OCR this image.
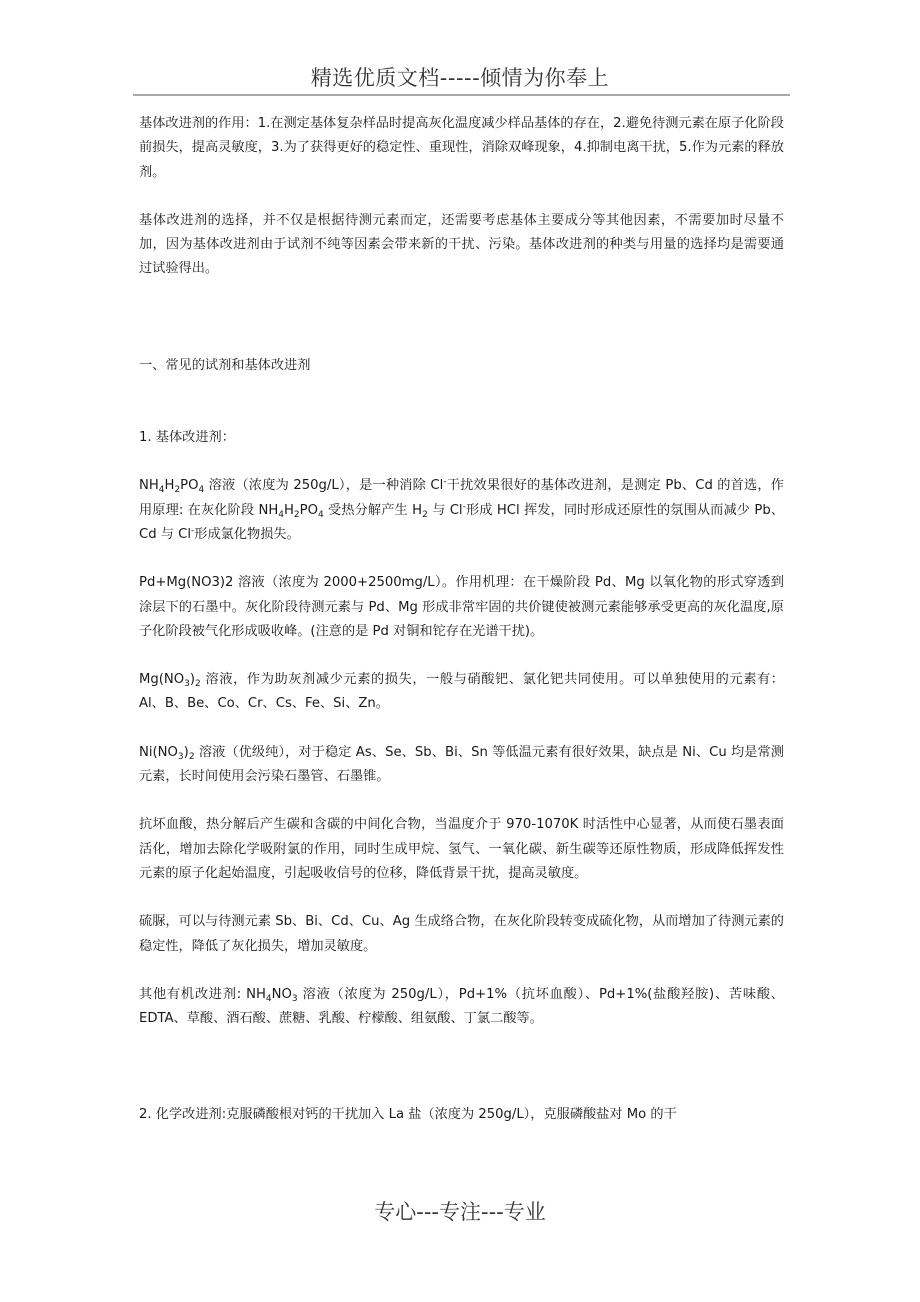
精选优质文档-----倾情为你奉上

基体改进剂的作用：1.在测定基体复杂样品时提高灰化温度减少样品基体的存在，2.避免待测元素在原子化阶段前损失，提高灵敏度，3.为了获得更好的稳定性、重现性，消除双峰现象，4.抑制电离干扰，5.作为元素的释放剂。

基体改进剂的选择，并不仅是根据待测元素而定，还需要考虑基体主要成分等其他因素，不需要加时尽量不加，因为基体改进剂由于试剂不纯等因素会带来新的干扰、污染。基体改进剂的种类与用量的选择均是需要通过试验得出。

一、常见的试剂和基体改进剂

1. 基体改进剂：

$NH_4H_2PO_4$ 溶液（浓度为 250g/L），是一种消除 Cl-干扰效果很好的基体改进剂，是测定 Pb、Cd 的首选，作用原理: 在灰化阶段 $NH_4H_2PO_4$ 受热分解产生 $H_2$ 与 Cl-形成 HCl 挥发，同时形成还原性的氛围从而减少 Pb、Cd 与 Cl-形成氯化物损失。

Pd+Mg(NO3)2 溶液（浓度为 2000+2500mg/L）。作用机理：在干燥阶段 Pd、Mg 以氧化物的形式穿透到涂层下的石墨中。灰化阶段待测元素与 Pd、Mg 形成非常牢固的共价键使被测元素能够承受更高的灰化温度,原子化阶段被气化形成吸收峰。(注意的是 Pd 对铜和铊存在光谱干扰)。

$Mg(NO_3)_2$ 溶液，作为助灰剂减少元素的损失，一般与硝酸钯、氯化钯共同使用。可以单独使用的元素有：Al、B、Be、Co、Cr、Cs、Fe、Si、Zn。

$Ni(NO_3)_2$ 溶液（优级纯），对于稳定 As、Se、Sb、Bi、Sn 等低温元素有很好效果，缺点是 Ni、Cu 均是常测元素，长时间使用会污染石墨管、石墨锥。

抗坏血酸，热分解后产生碳和含碳的中间化合物，当温度介于 970-1070K 时活性中心显著，从而使石墨表面活化，增加去除化学吸附氯的作用，同时生成甲烷、氢气、一氧化碳、新生碳等还原性物质，形成降低挥发性元素的原子化起始温度，引起吸收信号的位移，降低背景干扰，提高灵敏度。

硫脲，可以与待测元素 Sb、Bi、Cd、Cu、Ag 生成络合物，在灰化阶段转变成硫化物，从而增加了待测元素的稳定性，降低了灰化损失，增加灵敏度。

其他有机改进剂: $NH_4NO_3$ 溶液（浓度为 250g/L），Pd+1%（抗坏血酸）、Pd+1%(盐酸羟胺)、苦味酸、EDTA、草酸、酒石酸、蔗糖、乳酸、柠檬酸、组氨酸、丁氯二酸等。

2. 化学改进剂:克服磷酸根对钙的干扰加入 La 盐（浓度为 250g/L），克服磷酸盐对 Mo 的干

专心---专注---专业
